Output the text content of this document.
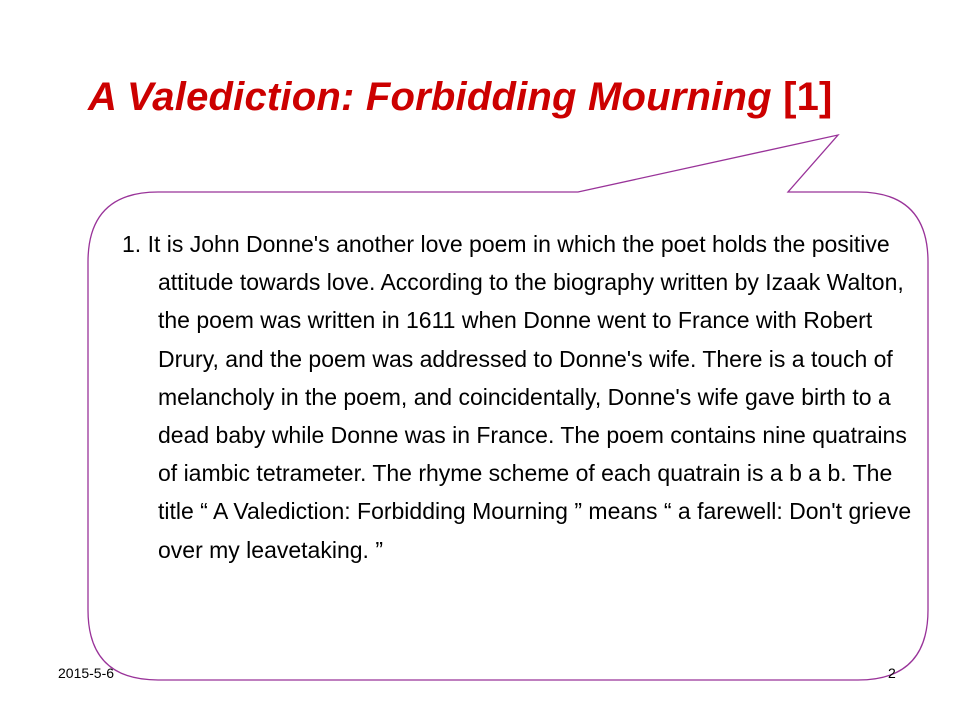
A Valediction: Forbidding Mourning [1]

1. It is John Donne's another love poem in which the poet holds the positive attitude towards love. According to the biography written by Izaak Walton, the poem was written in 1611 when Donne went to France with Robert Drury, and the poem was addressed to Donne's wife. There is a touch of melancholy in the poem, and coincidentally, Donne's wife gave birth to a dead baby while Donne was in France. The poem contains nine quatrains of iambic tetrameter. The rhyme scheme of each quatrain is a b a b. The title “ A Valediction: Forbidding Mourning ” means “ a farewell: Don't grieve over my leavetaking. ”

2015-5-6	2
